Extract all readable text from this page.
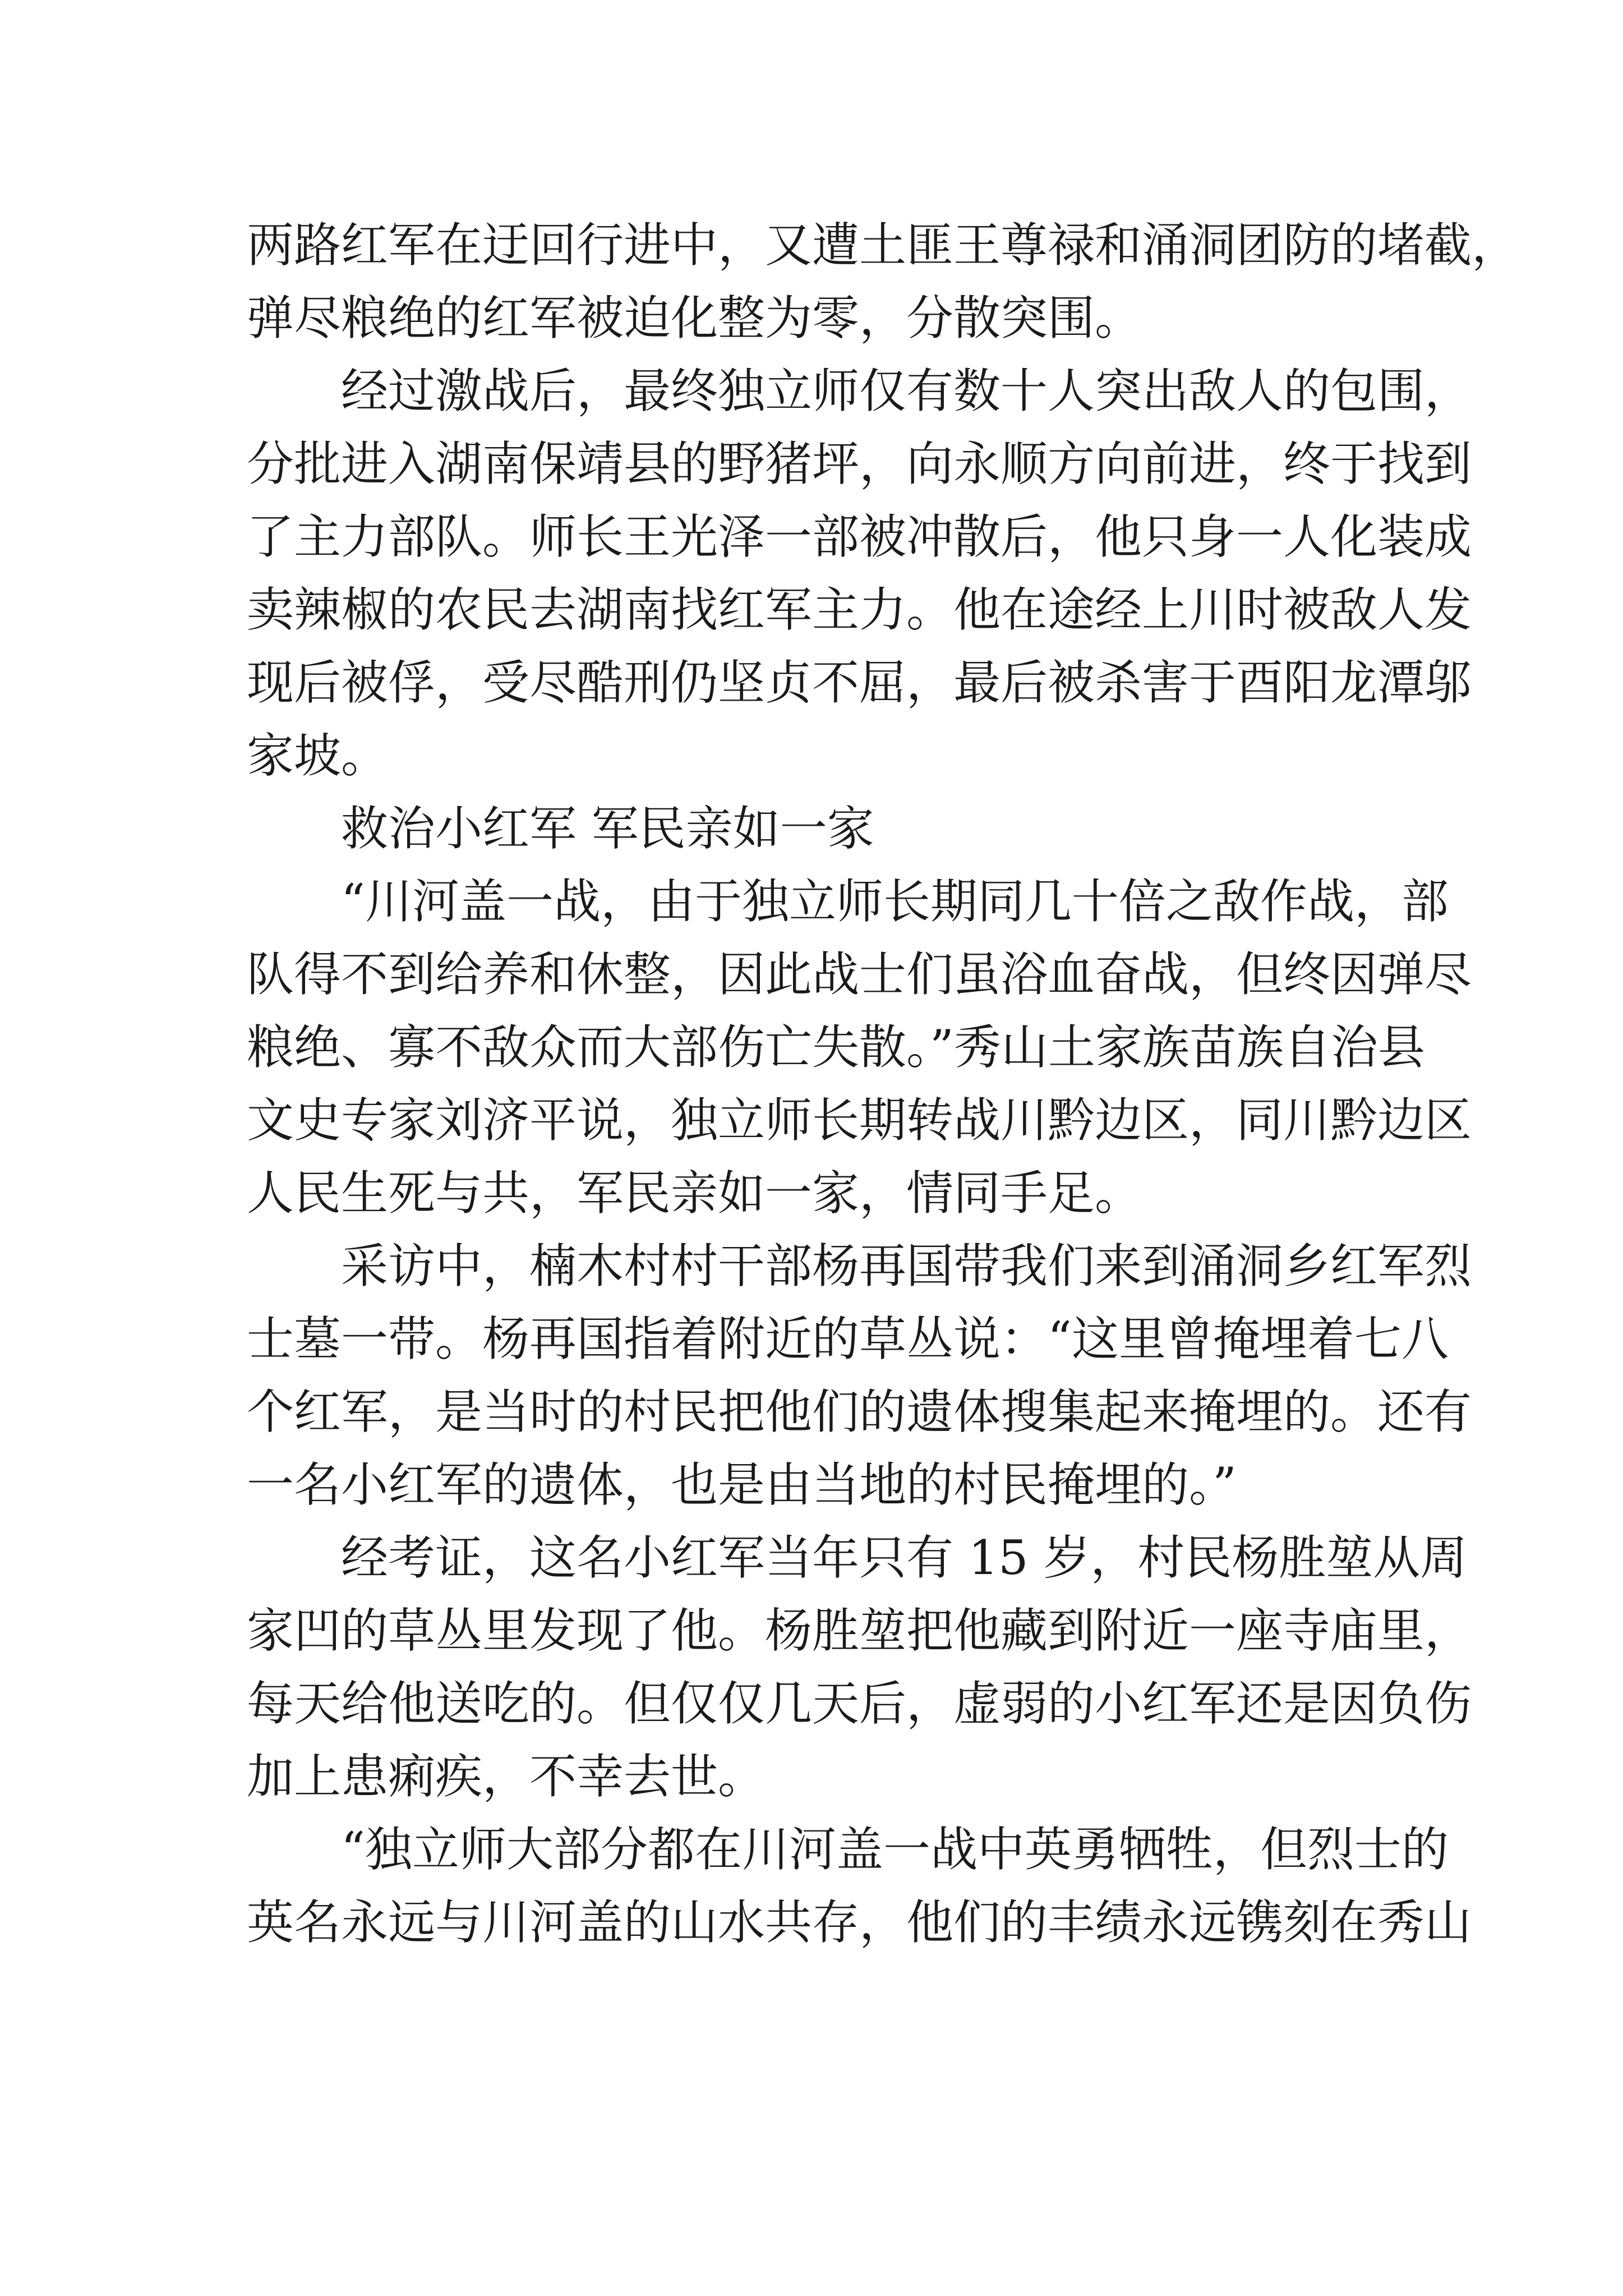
两路红军在迂回行进中，又遭土匪王尊禄和涌洞团防的堵截，
弹尽粮绝的红军被迫化整为零，分散突围。
经过激战后，最终独立师仅有数十人突出敌人的包围，
分批进入湖南保靖县的野猪坪，向永顺方向前进，终于找到
了主力部队。师长王光泽一部被冲散后，他只身一人化装成
卖辣椒的农民去湖南找红军主力。他在途经上川时被敌人发
现后被俘，受尽酷刑仍坚贞不屈，最后被杀害于酉阳龙潭邬
家坡。
救治小红军 军民亲如一家
“川河盖一战，由于独立师长期同几十倍之敌作战，部
队得不到给养和休整，因此战士们虽浴血奋战，但终因弹尽
粮绝、寡不敌众而大部伤亡失散。”秀山土家族苗族自治县
文史专家刘济平说，独立师长期转战川黔边区，同川黔边区
人民生死与共，军民亲如一家，情同手足。
采访中，楠木村村干部杨再国带我们来到涌洞乡红军烈
士墓一带。杨再国指着附近的草丛说：“这里曾掩埋着七八
个红军，是当时的村民把他们的遗体搜集起来掩埋的。还有
一名小红军的遗体，也是由当地的村民掩埋的。”
经考证，这名小红军当年只有 15 岁，村民杨胜堃从周
家凹的草丛里发现了他。杨胜堃把他藏到附近一座寺庙里，
每天给他送吃的。但仅仅几天后，虚弱的小红军还是因负伤
加上患痢疾，不幸去世。
“独立师大部分都在川河盖一战中英勇牺牲，但烈士的
英名永远与川河盖的山水共存，他们的丰绩永远镌刻在秀山
